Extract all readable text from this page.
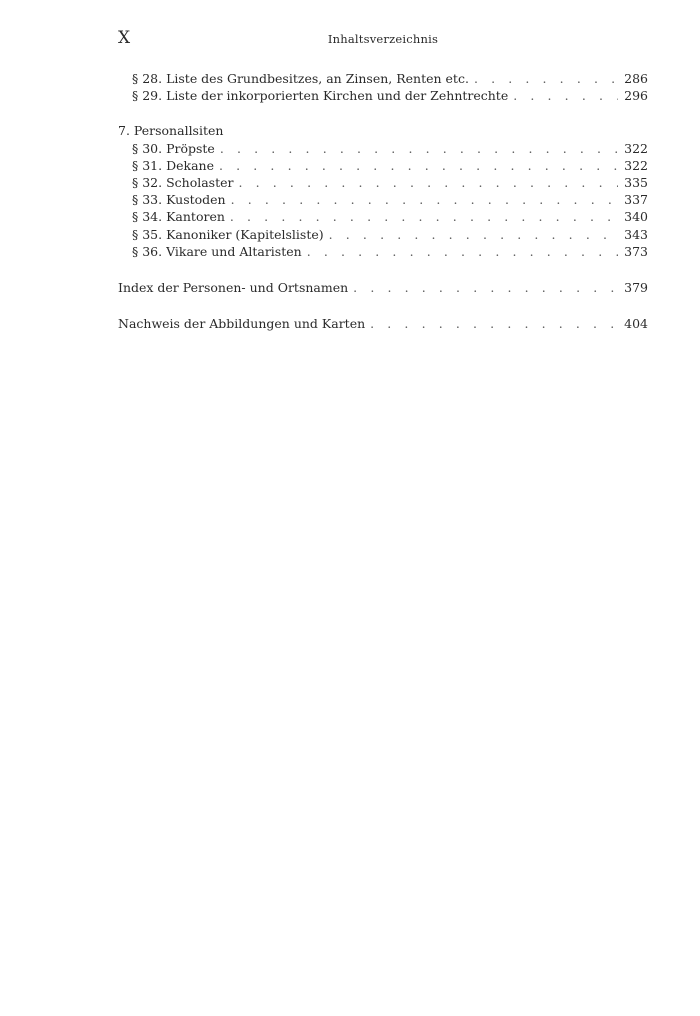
X	Inhaltsverzeichnis
§ 28. Liste des Grundbesitzes, an Zinsen, Renten etc. . . .	286
§ 29. Liste der inkorporierten Kirchen und der Zehntrechte . . .	296
7. Personallsiten
§ 30. Pröpste . . .	322
§ 31. Dekane . . .	322
§ 32. Scholaster . . .	335
§ 33. Kustoden . . .	337
§ 34. Kantoren . . .	340
§ 35. Kanoniker (Kapitelsliste) . . .	343
§ 36. Vikare und Altaristen . . .	373
Index der Personen- und Ortsnamen . . .	379
Nachweis der Abbildungen und Karten . . .	404
